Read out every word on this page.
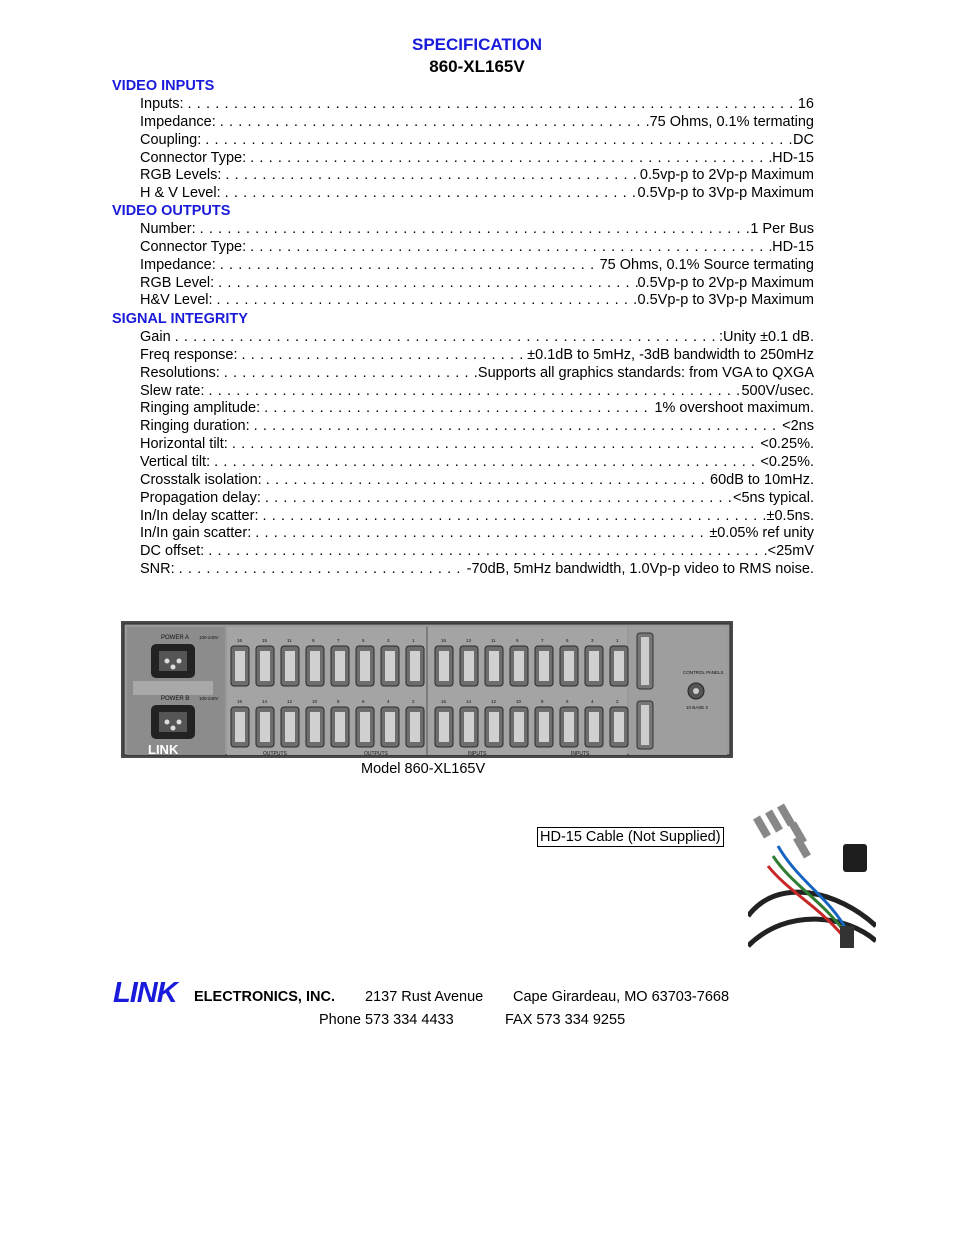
SPECIFICATION
860-XL165V
VIDEO INPUTS
Inputs: . . .	16
Impedance: . . .	75 Ohms, 0.1% termating
Coupling: . . .	DC
Connector Type: . . .	HD-15
RGB Levels: . . .	0.5vp-p to 2Vp-p Maximum
H & V Level: . . .	0.5Vp-p to 3Vp-p Maximum
VIDEO OUTPUTS
Number: . . .	1 Per Bus
Connector Type: . . .	HD-15
Impedance: . . .	75 Ohms, 0.1% Source termating
RGB Level: . . .	0.5Vp-p to 2Vp-p Maximum
H&V Level: . . .	0.5Vp-p to 3Vp-p Maximum
SIGNAL INTEGRITY
Gain . . .	:Unity ±0.1 dB.
Freq response: . . .	±0.1dB to 5mHz, -3dB bandwidth to 250mHz
Resolutions: . . .	Supports all graphics standards: from VGA to QXGA
Slew rate: . . .	500V/usec.
Ringing amplitude: . . .	1% overshoot maximum.
Ringing duration: . . .	<2ns
Horizontal tilt: . . .	<0.25%.
Vertical tilt: . . .	<0.25%.
Crosstalk isolation: . . .	60dB to 10mHz.
Propagation delay: . . .	<5ns typical.
In/In delay scatter: . . .	±0.5ns.
In/In gain scatter: . . .	±0.05% ref unity
DC offset: . . .	<25mV
SNR: . . .	-70dB, 5mHz bandwidth, 1.0Vp-p video to RMS noise.
POWER A 100-240V
POWER B 100-240V
LINK
16	15	11	9	7	5	3	1	16	13	11	9	7	5	3	1
16	14	12	10	8	6	4	2	16	14	12	10	8	6	4	2
OUTPUTS	OUTPUTS	INPUTS	INPUTS
CONTROL PANELS
10 BASE 2
Model 860-XL165V
HD-15 Cable (Not Supplied)
LINK ELECTRONICS, INC. 2137 Rust Avenue Cape Girardeau, MO 63703-7668
Phone 573 334 4433	FAX 573 334 9255
